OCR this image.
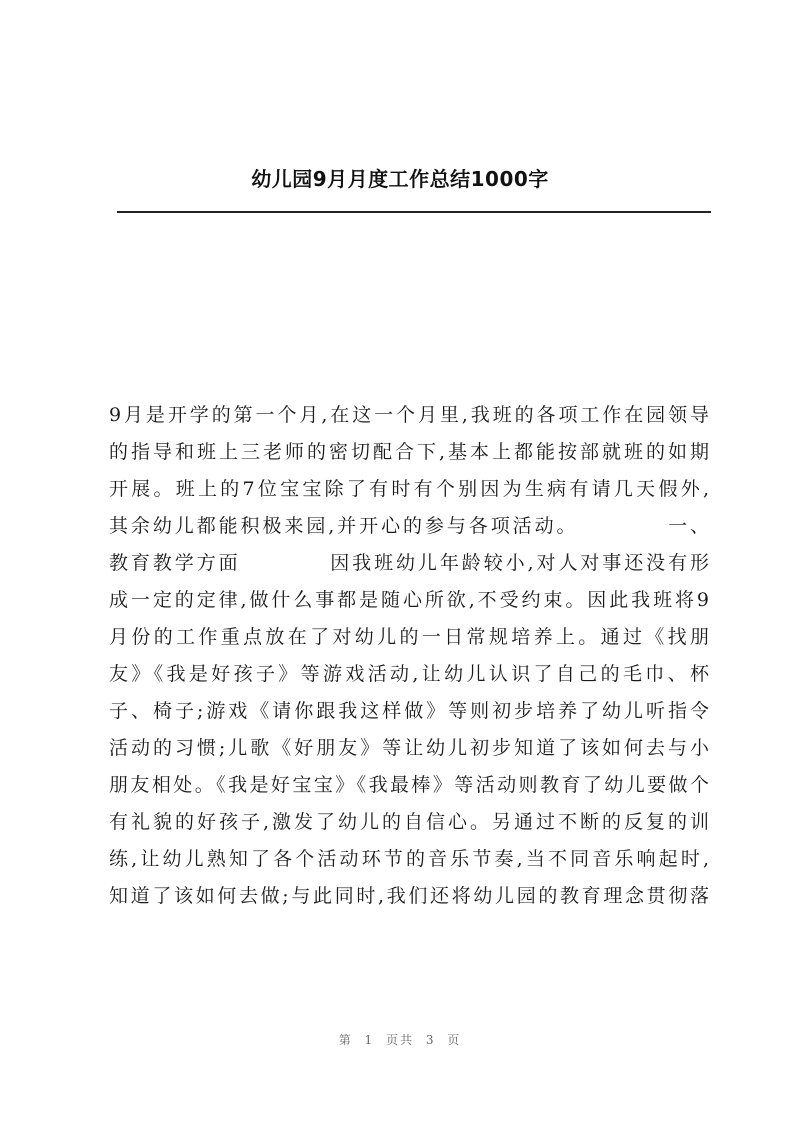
幼儿园9月月度工作总结1000字
9月是开学的第一个月,在这一个月里,我班的各项工作在园领导
的指导和班上三老师的密切配合下,基本上都能按部就班的如期
开展。班上的7位宝宝除了有时有个别因为生病有请几天假外,
其余幼儿都能积极来园,并开心的参与各项活动。          一、
教育教学方面          因我班幼儿年龄较小,对人对事还没有形
成一定的定律,做什么事都是随心所欲,不受约束。因此我班将9
月份的工作重点放在了对幼儿的一日常规培养上。通过《找朋
友》《我是好孩子》等游戏活动,让幼儿认识了自己的毛巾、杯
子、椅子;游戏《请你跟我这样做》等则初步培养了幼儿听指令
活动的习惯;儿歌《好朋友》等让幼儿初步知道了该如何去与小
朋友相处。《我是好宝宝》《我最棒》等活动则教育了幼儿要做个
有礼貌的好孩子,激发了幼儿的自信心。另通过不断的反复的训
练,让幼儿熟知了各个活动环节的音乐节奏,当不同音乐响起时,
知道了该如何去做;与此同时,我们还将幼儿园的教育理念贯彻落
第 1 页共 3 页
